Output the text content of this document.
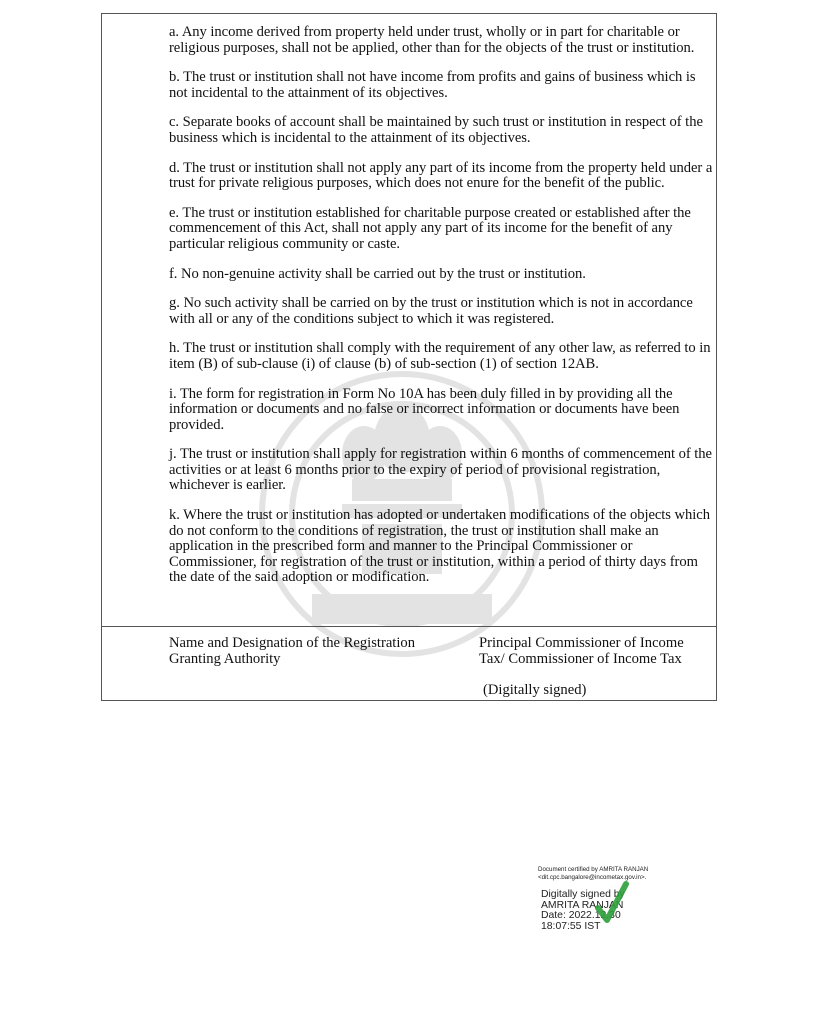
a. Any income derived from property held under trust, wholly or in part for charitable or religious purposes, shall not be applied, other than for the objects of the trust or institution.
b. The trust or institution shall not have income from profits and gains of business which is not incidental to the attainment of its objectives.
c. Separate books of account shall be maintained by such trust or institution in respect of the business which is incidental to the attainment of its objectives.
d. The trust or institution shall not apply any part of its income from the property held under a trust for private religious purposes, which does not enure for the benefit of the public.
e. The trust or institution established for charitable purpose created or established after the commencement of this Act, shall not apply any part of its income for the benefit of any particular religious community or caste.
f. No non-genuine activity shall be carried out by the trust or institution.
g. No such activity shall be carried on by the trust or institution which is not in accordance with all or any of the conditions subject to which it was registered.
h. The trust or institution shall comply with the requirement of any other law, as referred to in item (B) of sub-clause (i) of clause (b) of sub-section (1) of section 12AB.
i. The form for registration in Form No 10A has been duly filled in by providing all the information or documents and no false or incorrect information or documents have been provided.
j. The trust or institution shall apply for registration within 6 months of commencement of the activities or at least 6 months prior to the expiry of period of provisional registration, whichever is earlier.
k. Where the trust or institution has adopted or undertaken modifications of the objects which do not conform to the conditions of registration, the trust or institution shall make an application in the prescribed form and manner to the Principal Commissioner or Commissioner, for registration of the trust or institution, within a period of thirty days from the date of the said adoption or modification.
Name and Designation of the Registration Granting Authority
Principal Commissioner of Income Tax/ Commissioner of Income Tax
(Digitally signed)
Document certified by AMRITA RANJAN
<dit.cpc.bangalore@incometax.gov.in>.
Digitally signed by
AMRITA RANJAN
Date: 2022.12.30
18:07:55 IST
